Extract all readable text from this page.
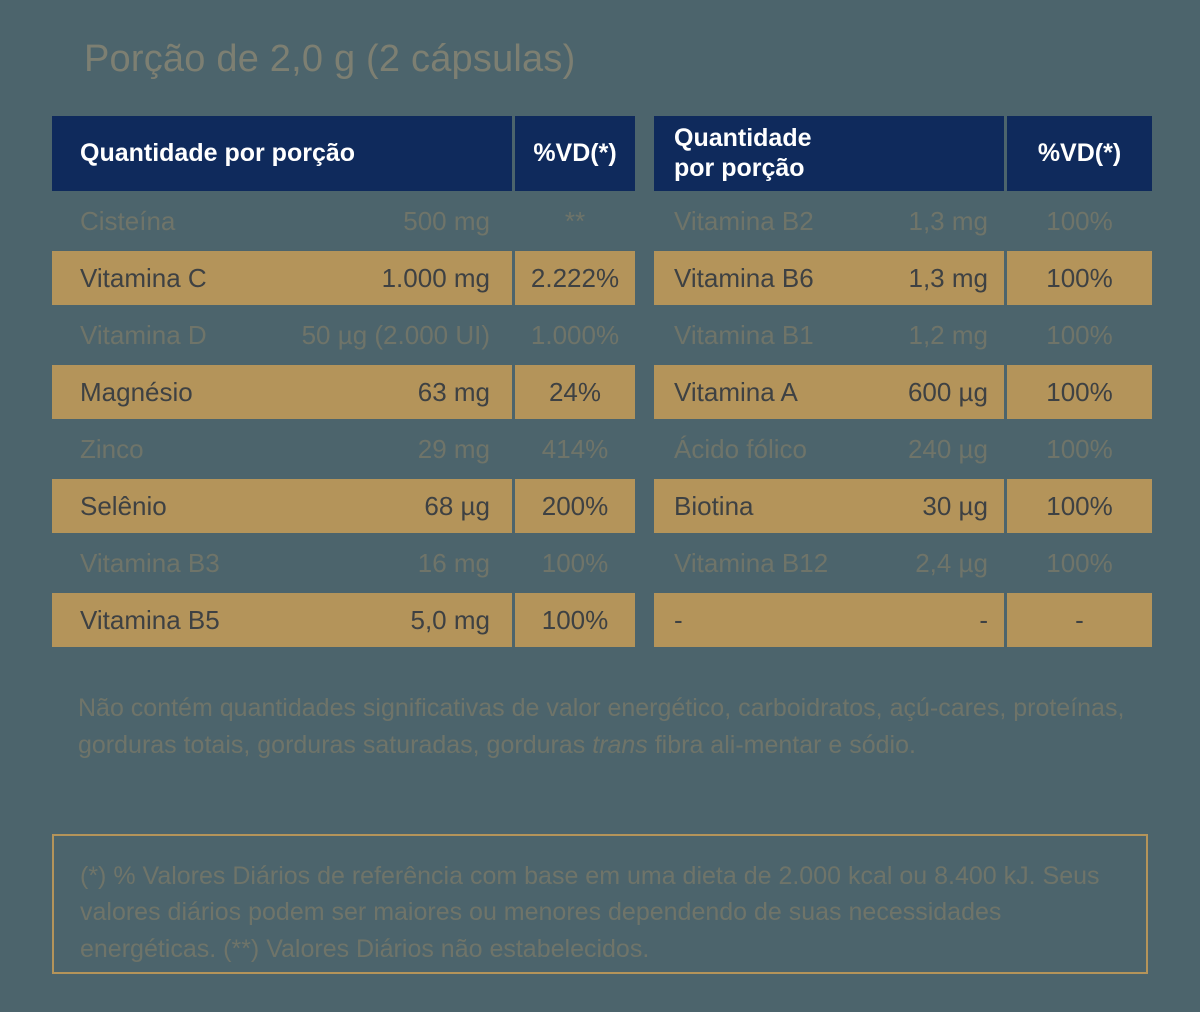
Porção de 2,0 g (2 cápsulas)
Quantidade por porção	%VD(*)
Cisteína	500 mg	**
Vitamina C	1.000 mg	2.222%
Vitamina D	50 µg (2.000 UI)	1.000%
Magnésio	63 mg	24%
Zinco	29 mg	414%
Selênio	68 µg	200%
Vitamina B3	16 mg	100%
Vitamina B5	5,0 mg	100%
Quantidade
por porção
%VD(*)
Vitamina B2	1,3 mg	100%
Vitamina B6	1,3 mg	100%
Vitamina B1	1,2 mg	100%
Vitamina A	600 µg	100%
Ácido fólico	240 µg	100%
Biotina	30 µg	100%
Vitamina B12	2,4 µg	100%
-	-	-
Não contém quantidades significativas de valor energético, carboidratos, açú-cares, proteínas, gorduras totais, gorduras saturadas, gorduras trans fibra ali-mentar e sódio.

(*) % Valores Diários de referência com base em uma dieta de 2.000 kcal ou 8.400 kJ. Seus valores diários podem ser maiores ou menores dependendo de suas necessidades energéticas. (**) Valores Diários não estabelecidos.
